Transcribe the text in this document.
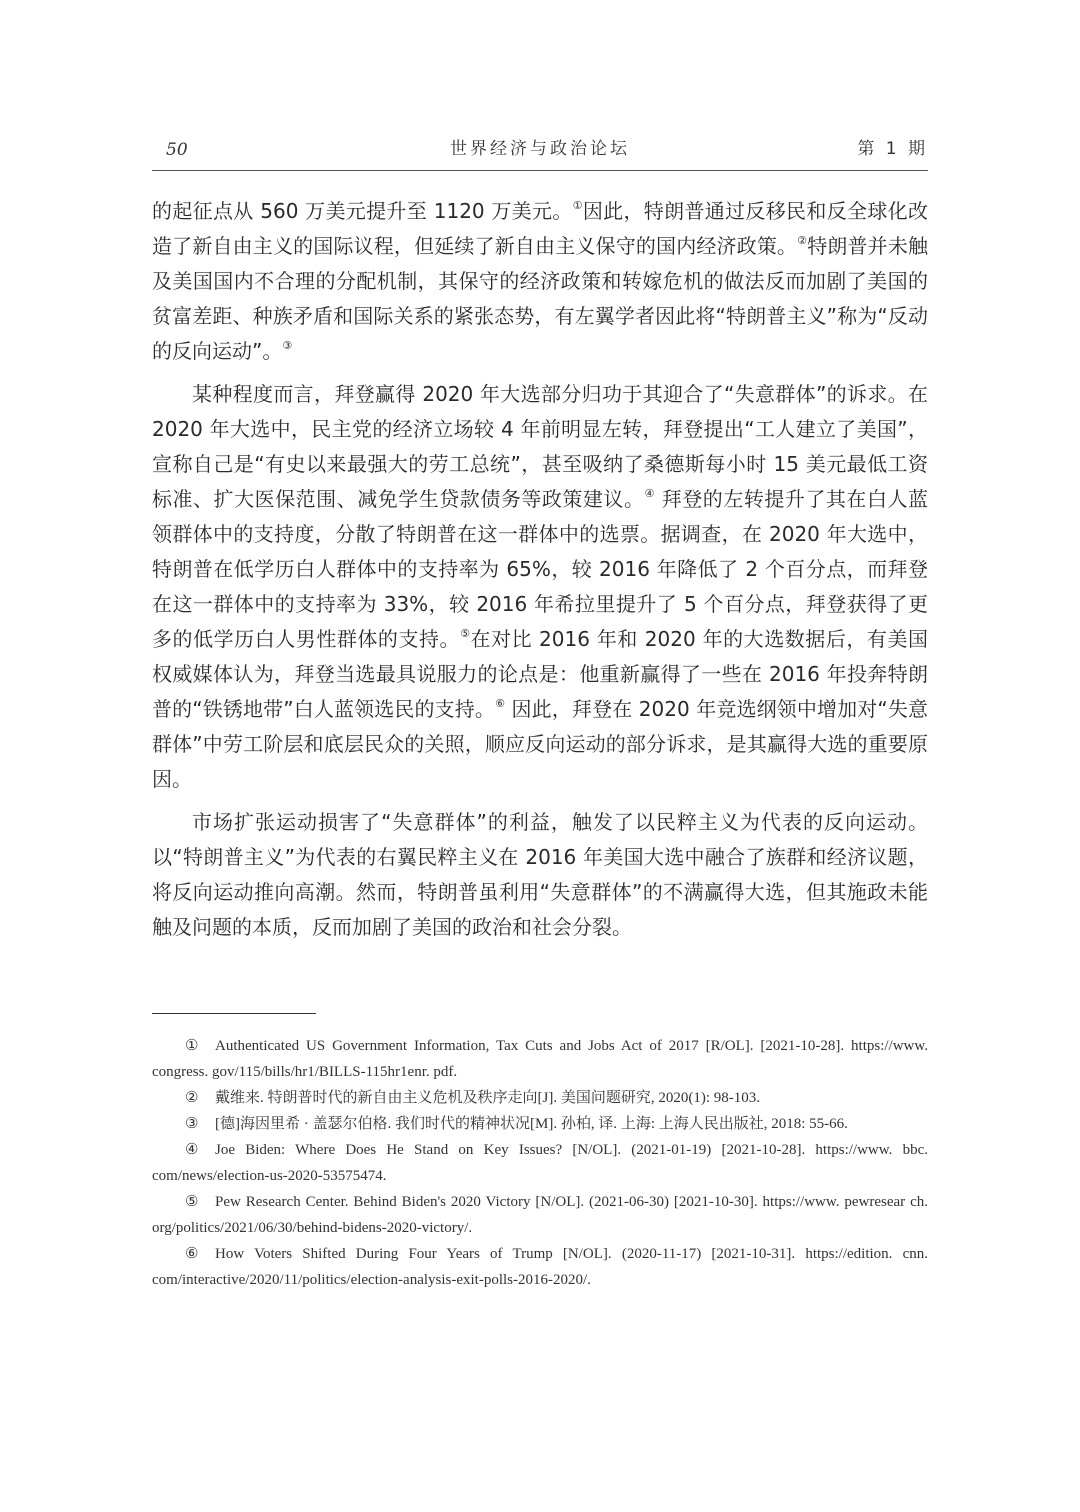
50	世界经济与政治论坛	第 1 期

的起征点从 560 万美元提升至 1120 万美元。①因此，特朗普通过反移民和反全球化改造了新自由主义的国际议程，但延续了新自由主义保守的国内经济政策。②特朗普并未触及美国国内不合理的分配机制，其保守的经济政策和转嫁危机的做法反而加剧了美国的贫富差距、种族矛盾和国际关系的紧张态势，有左翼学者因此将“特朗普主义”称为“反动的反向运动”。③

某种程度而言，拜登赢得 2020 年大选部分归功于其迎合了“失意群体”的诉求。在 2020 年大选中，民主党的经济立场较 4 年前明显左转，拜登提出“工人建立了美国”，宣称自己是“有史以来最强大的劳工总统”，甚至吸纳了桑德斯每小时 15 美元最低工资标准、扩大医保范围、减免学生贷款债务等政策建议。④ 拜登的左转提升了其在白人蓝领群体中的支持度，分散了特朗普在这一群体中的选票。据调查，在 2020 年大选中，特朗普在低学历白人群体中的支持率为 65%，较 2016 年降低了 2 个百分点，而拜登在这一群体中的支持率为 33%，较 2016 年希拉里提升了 5 个百分点，拜登获得了更多的低学历白人男性群体的支持。⑤在对比 2016 年和 2020 年的大选数据后，有美国权威媒体认为，拜登当选最具说服力的论点是：他重新赢得了一些在 2016 年投奔特朗普的“铁锈地带”白人蓝领选民的支持。⑥ 因此，拜登在 2020 年竞选纲领中增加对“失意群体”中劳工阶层和底层民众的关照，顺应反向运动的部分诉求，是其赢得大选的重要原因。

市场扩张运动损害了“失意群体”的利益，触发了以民粹主义为代表的反向运动。以“特朗普主义”为代表的右翼民粹主义在 2016 年美国大选中融合了族群和经济议题，将反向运动推向高潮。然而，特朗普虽利用“失意群体”的不满赢得大选，但其施政未能触及问题的本质，反而加剧了美国的政治和社会分裂。

① Authenticated US Government Information, Tax Cuts and Jobs Act of 2017 [R/OL]. [2021-10-28]. https://www. congress. gov/115/bills/hr1/BILLS-115hr1enr. pdf.

② 戴维来. 特朗普时代的新自由主义危机及秩序走向[J]. 美国问题研究, 2020(1): 98-103.

③ [德]海因里希 · 盖瑟尔伯格. 我们时代的精神状况[M]. 孙柏, 译. 上海: 上海人民出版社, 2018: 55-66.

④ Joe Biden: Where Does He Stand on Key Issues? [N/OL]. (2021-01-19) [2021-10-28]. https://www. bbc. com/news/election-us-2020-53575474.

⑤ Pew Research Center. Behind Biden's 2020 Victory [N/OL]. (2021-06-30) [2021-10-30]. https://www. pewresear ch. org/politics/2021/06/30/behind-bidens-2020-victory/.

⑥ How Voters Shifted During Four Years of Trump [N/OL]. (2020-11-17) [2021-10-31]. https://edition. cnn. com/interactive/2020/11/politics/election-analysis-exit-polls-2016-2020/.
